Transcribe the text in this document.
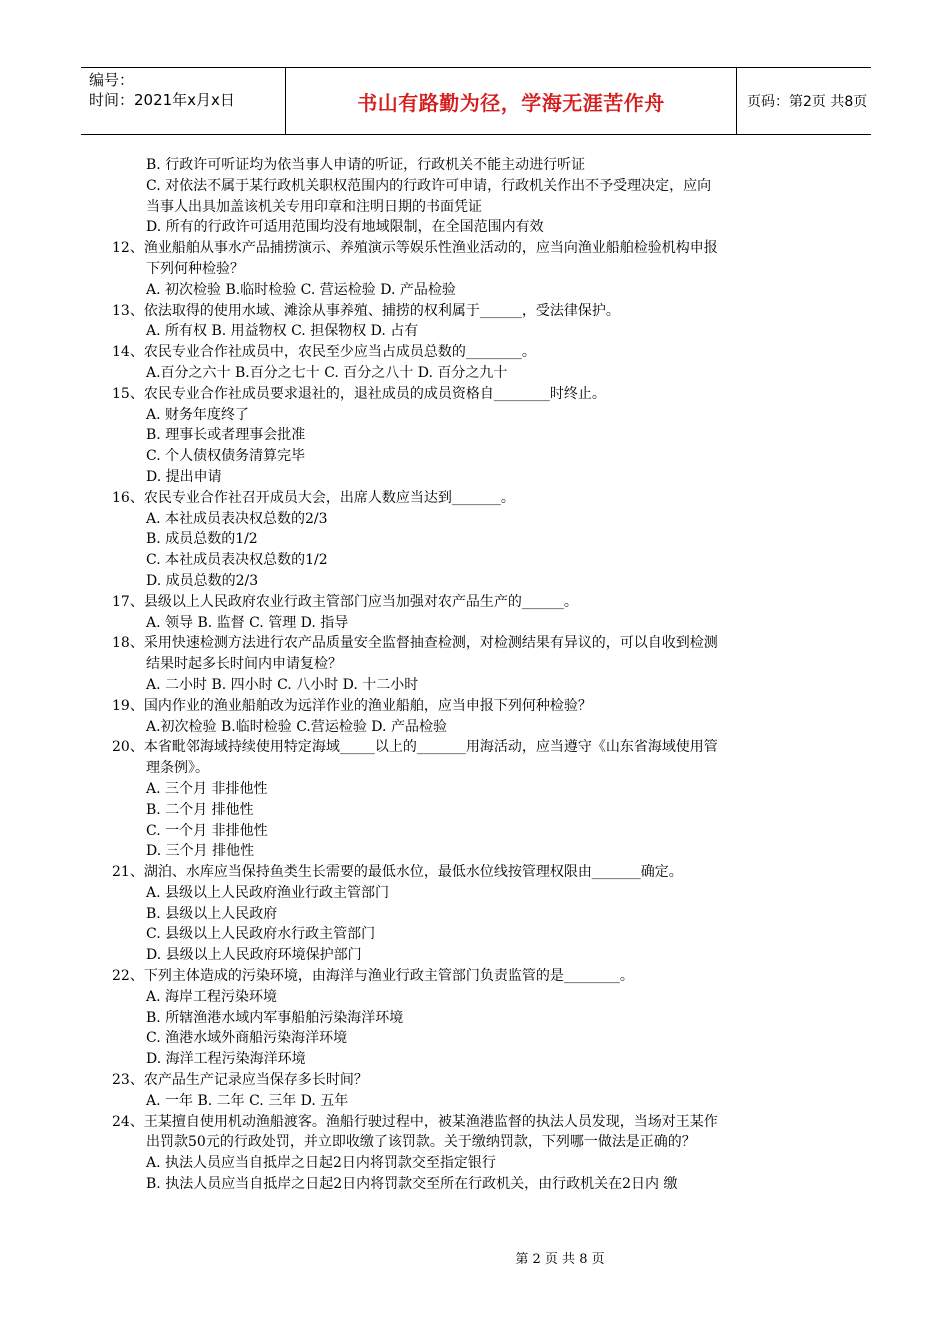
编号：
时间：2021年x月x日	书山有路勤为径，学海无涯苦作舟	页码：第2页 共8页
B. 行政许可听证均为依当事人申请的听证，行政机关不能主动进行听证
C. 对依法不属于某行政机关职权范围内的行政许可申请，行政机关作出不予受理决定，应向
当事人出具加盖该机关专用印章和注明日期的书面凭证
D. 所有的行政许可适用范围均没有地域限制，在全国范围内有效
12、渔业船舶从事水产品捕捞演示、养殖演示等娱乐性渔业活动的，应当向渔业船舶检验机构申报
下列何种检验？
A. 初次检验 B.临时检验 C. 营运检验 D. 产品检验
13、依法取得的使用水域、滩涂从事养殖、捕捞的权利属于______，受法律保护。
A. 所有权 B. 用益物权 C. 担保物权 D. 占有
14、农民专业合作社成员中，农民至少应当占成员总数的________。
A.百分之六十 B.百分之七十 C. 百分之八十 D. 百分之九十
15、农民专业合作社成员要求退社的，退社成员的成员资格自________时终止。
A. 财务年度终了
B. 理事长或者理事会批准
C. 个人债权债务清算完毕
D. 提出申请
16、农民专业合作社召开成员大会，出席人数应当达到_______。
A. 本社成员表决权总数的2/3
B. 成员总数的1/2
C. 本社成员表决权总数的1/2
D. 成员总数的2/3
17、县级以上人民政府农业行政主管部门应当加强对农产品生产的______。
A. 领导 B. 监督 C. 管理 D. 指导
18、采用快速检测方法进行农产品质量安全监督抽查检测，对检测结果有异议的，可以自收到检测
结果时起多长时间内申请复检？
A. 二小时 B. 四小时 C. 八小时 D. 十二小时
19、国内作业的渔业船舶改为远洋作业的渔业船舶，应当申报下列何种检验？
A.初次检验 B.临时检验 C.营运检验 D. 产品检验
20、本省毗邻海域持续使用特定海域_____以上的_______用海活动，应当遵守《山东省海域使用管
理条例》。
A. 三个月 非排他性
B. 二个月 排他性
C. 一个月 非排他性
D. 三个月 排他性
21、湖泊、水库应当保持鱼类生长需要的最低水位，最低水位线按管理权限由_______确定。
A. 县级以上人民政府渔业行政主管部门
B. 县级以上人民政府
C. 县级以上人民政府水行政主管部门
D. 县级以上人民政府环境保护部门
22、下列主体造成的污染环境，由海洋与渔业行政主管部门负责监管的是________。
A. 海岸工程污染环境
B. 所辖渔港水域内军事船舶污染海洋环境
C. 渔港水域外商船污染海洋环境
D. 海洋工程污染海洋环境
23、农产品生产记录应当保存多长时间？
A. 一年 B. 二年 C. 三年 D. 五年
24、王某擅自使用机动渔船渡客。渔船行驶过程中，被某渔港监督的执法人员发现，当场对王某作
出罚款50元的行政处罚，并立即收缴了该罚款。关于缴纳罚款，下列哪一做法是正确的？
A. 执法人员应当自抵岸之日起2日内将罚款交至指定银行
B. 执法人员应当自抵岸之日起2日内将罚款交至所在行政机关，由行政机关在2日内 缴
第 2 页 共 8 页
